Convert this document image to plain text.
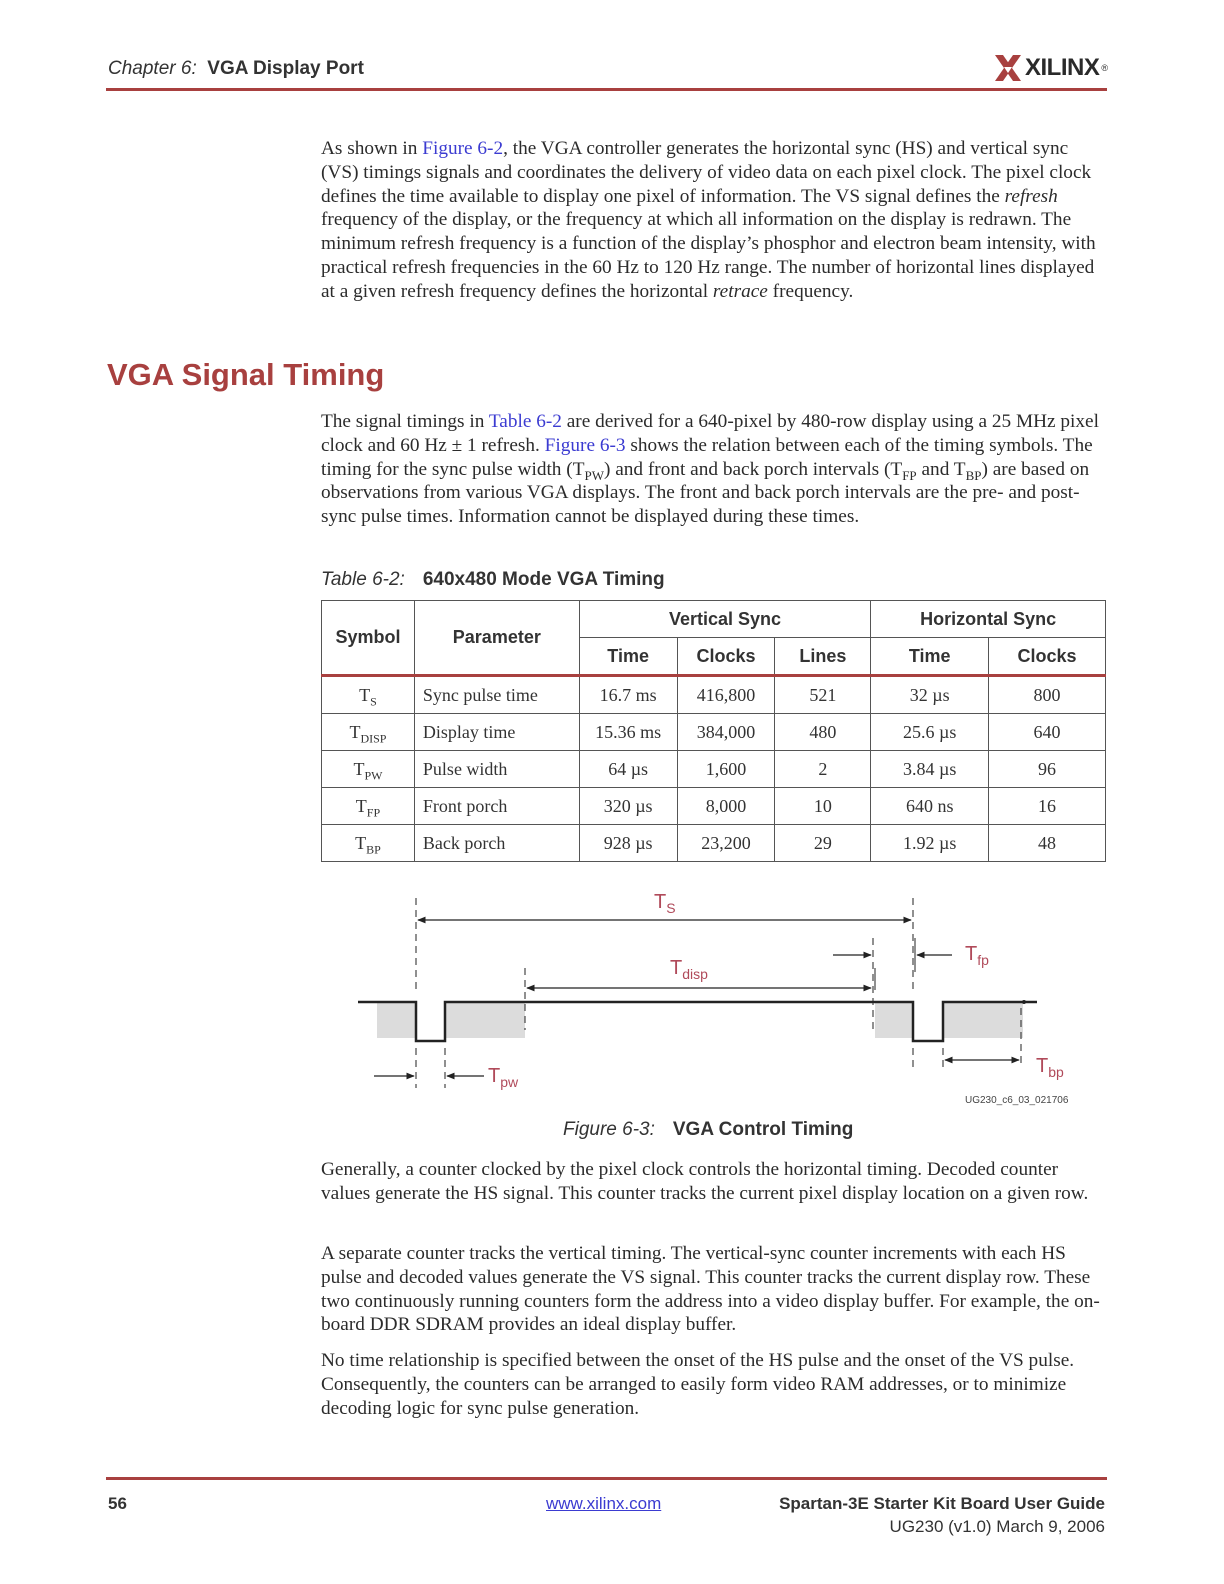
Chapter 6: VGA Display Port	XILINX ®
As shown in Figure 6-2, the VGA controller generates the horizontal sync (HS) and vertical sync (VS) timings signals and coordinates the delivery of video data on each pixel clock. The pixel clock defines the time available to display one pixel of information. The VS signal defines the refresh frequency of the display, or the frequency at which all information on the display is redrawn. The minimum refresh frequency is a function of the display’s phosphor and electron beam intensity, with practical refresh frequencies in the 60 Hz to 120 Hz range. The number of horizontal lines displayed at a given refresh frequency defines the horizontal retrace frequency.
VGA Signal Timing
The signal timings in Table 6-2 are derived for a 640-pixel by 480-row display using a 25 MHz pixel clock and 60 Hz ± 1 refresh. Figure 6-3 shows the relation between each of the timing symbols. The timing for the sync pulse width $(T_{PW})$ and front and back porch intervals ($T_{FP}$ and $T_{BP}$) are based on observations from various VGA displays. The front and back porch intervals are the pre- and post-sync pulse times. Information cannot be displayed during these times.
Table 6-2: 640x480 Mode VGA Timing
Symbol	Parameter	Vertical Sync			Horizontal Sync	
		Time	Clocks	Lines	Time	Clocks
$T_S$	Sync pulse time	16.7 ms	416,800	521	32 µs	800
$T_{DISP}$	Display time	15.36 ms	384,000	480	25.6 µs	640
$T_{PW}$	Pulse width	64 µs	1,600	2	3.84 µs	96
$T_{FP}$	Front porch	320 µs	8,000	10	640 ns	16
$T_{BP}$	Back porch	928 µs	23,200	29	1.92 µs	48
$T_S$
$T_{disp}$
$T_{fp}$
$T_{pw}$
$T_{bp}$
UG230_c6_03_021706
Figure 6-3: VGA Control Timing
Generally, a counter clocked by the pixel clock controls the horizontal timing. Decoded counter values generate the HS signal. This counter tracks the current pixel display location on a given row.
A separate counter tracks the vertical timing. The vertical-sync counter increments with each HS pulse and decoded values generate the VS signal. This counter tracks the current display row. These two continuously running counters form the address into a video display buffer. For example, the on-board DDR SDRAM provides an ideal display buffer.
No time relationship is specified between the onset of the HS pulse and the onset of the VS pulse. Consequently, the counters can be arranged to easily form video RAM addresses, or to minimize decoding logic for sync pulse generation.
56	www.xilinx.com	Spartan-3E Starter Kit Board User Guide
UG230 (v1.0) March 9, 2006
